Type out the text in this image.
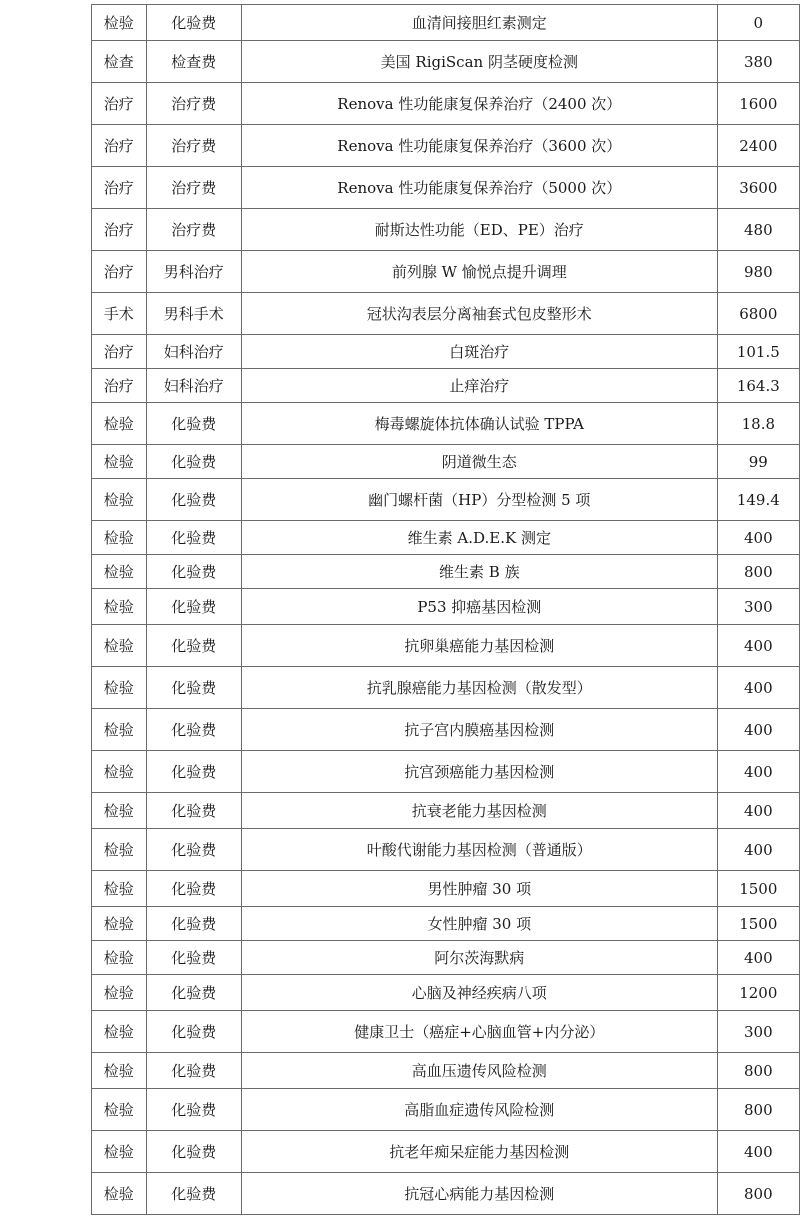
检验	化验费	血清间接胆红素测定	0
检查	检查费	美国 RigiScan 阴茎硬度检测	380
治疗	治疗费	Renova 性功能康复保养治疗（2400 次）	1600
治疗	治疗费	Renova 性功能康复保养治疗（3600 次）	2400
治疗	治疗费	Renova 性功能康复保养治疗（5000 次）	3600
治疗	治疗费	耐斯达性功能（ED、PE）治疗	480
治疗	男科治疗	前列腺 W 愉悦点提升调理	980
手术	男科手术	冠状沟表层分离袖套式包皮整形术	6800
治疗	妇科治疗	白斑治疗	101.5
治疗	妇科治疗	止痒治疗	164.3
检验	化验费	梅毒螺旋体抗体确认试验 TPPA	18.8
检验	化验费	阴道微生态	99
检验	化验费	幽门螺杆菌（HP）分型检测 5 项	149.4
检验	化验费	维生素 A.D.E.K 测定	400
检验	化验费	维生素 B 族	800
检验	化验费	P53 抑癌基因检测	300
检验	化验费	抗卵巢癌能力基因检测	400
检验	化验费	抗乳腺癌能力基因检测（散发型）	400
检验	化验费	抗子宫内膜癌基因检测	400
检验	化验费	抗宫颈癌能力基因检测	400
检验	化验费	抗衰老能力基因检测	400
检验	化验费	叶酸代谢能力基因检测（普通版）	400
检验	化验费	男性肿瘤 30 项	1500
检验	化验费	女性肿瘤 30 项	1500
检验	化验费	阿尔茨海默病	400
检验	化验费	心脑及神经疾病八项	1200
检验	化验费	健康卫士（癌症+心脑血管+内分泌）	300
检验	化验费	高血压遗传风险检测	800
检验	化验费	高脂血症遗传风险检测	800
检验	化验费	抗老年痴呆症能力基因检测	400
检验	化验费	抗冠心病能力基因检测	800
